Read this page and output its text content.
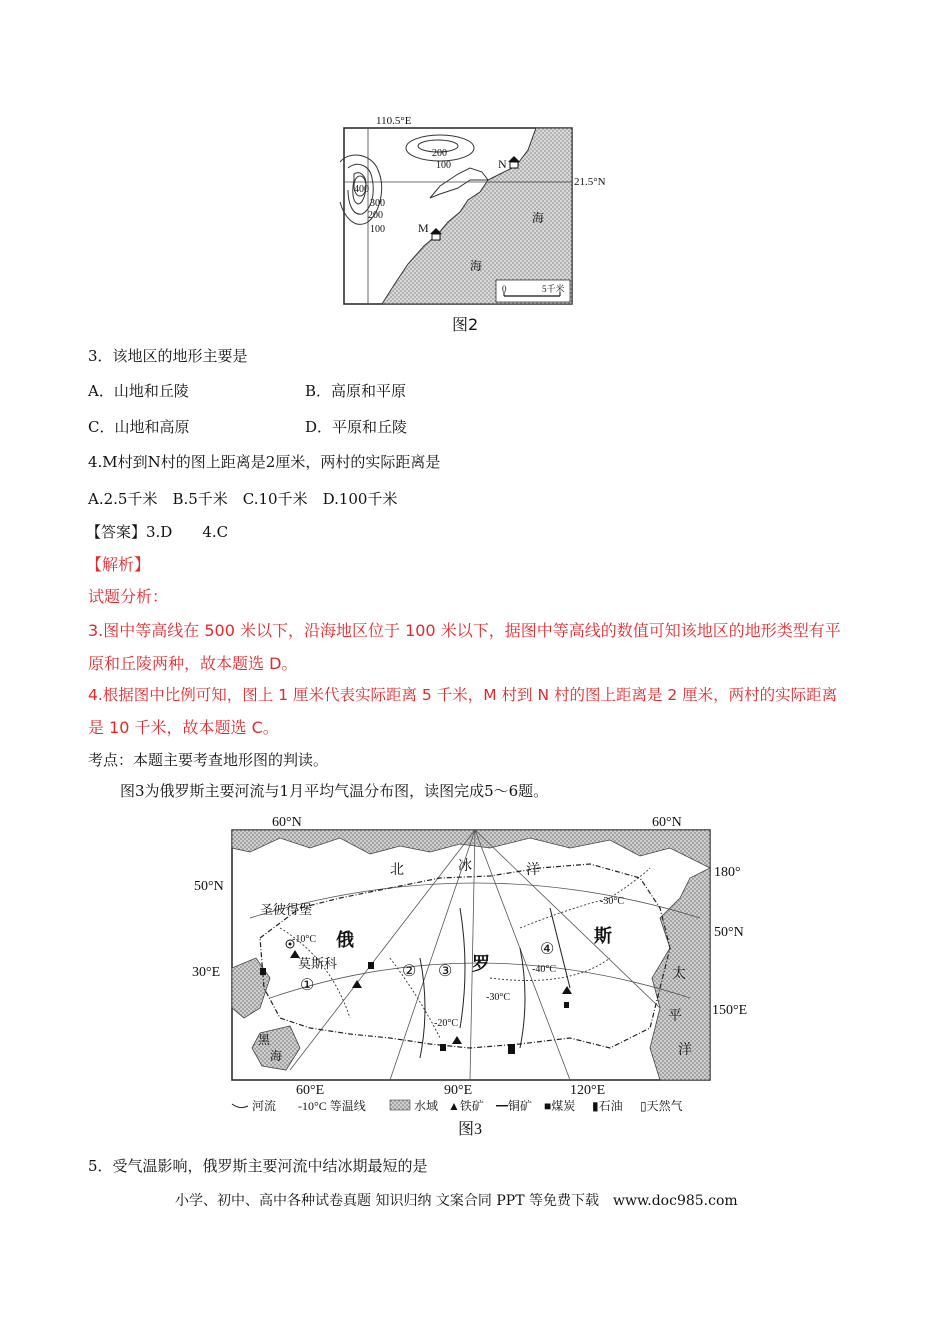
110.5°E
21.5°N
200
100
400
300
200
100
N
M
海
海
0	5千米
图2
3．该地区的地形主要是
A．山地和丘陵	B．高原和平原
C．山地和高原	D．平原和丘陵
4.M村到N村的图上距离是2厘米，两村的实际距离是
A.2.5千米　B.5千米　C.10千米　D.100千米
【答案】3.D　　4.C
【解析】
试题分析：
3.图中等高线在 500 米以下，沿海地区位于 100 米以下，据图中等高线的数值可知该地区的地形类型有平
原和丘陵两种，故本题选 D。
4.根据图中比例可知，图上 1 厘米代表实际距离 5 千米，M 村到 N 村的图上距离是 2 厘米，两村的实际距离
是 10 千米，故本题选 C。
考点：本题主要考查地形图的判读。
图3为俄罗斯主要河流与1月平均气温分布图，读图完成5～6题。
60°N	60°N
50°N
50°N
30°E
180°
150°E
60°E	90°E	120°E
北	冰	洋
圣彼得堡
莫斯科
俄
罗
斯
太
平
洋
黑
海
①
② ③
④
-10°C
-20°C
-30°C
-30°C
-40°C
河流 -10°C 等温线	水域 ▲铁矿 ━铜矿 ■煤炭 ▮石油 ▯天然气
图3
5．受气温影响，俄罗斯主要河流中结冰期最短的是
小学、初中、高中各种试卷真题 知识归纳 文案合同 PPT 等免费下载　www.doc985.com
